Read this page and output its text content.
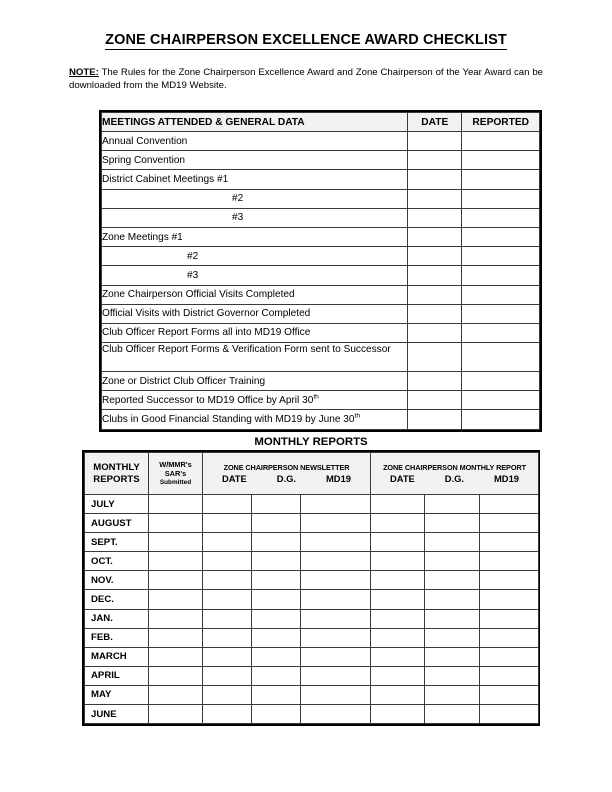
ZONE CHAIRPERSON EXCELLENCE AWARD CHECKLIST
NOTE: The Rules for the Zone Chairperson Excellence Award and Zone Chairperson of the Year Award can be downloaded from the MD19 Website.
MEETINGS ATTENDED & GENERAL DATA	DATE	REPORTED
Annual Convention		
Spring Convention		
District Cabinet Meetings #1		
#2		
#3		
Zone Meetings #1		
#2		
#3		
Zone Chairperson Official Visits Completed		
Official Visits with District Governor Completed		
Club Officer Report Forms all into MD19 Office		
Club Officer Report Forms & Verification Form sent to Successor		
Zone or District Club Officer Training		
Reported Successor to MD19 Office by April 30th		
Clubs in Good Financial Standing with MD19 by June 30th		
MONTHLY REPORTS
MONTHLY
REPORTS

W/MMR's
SAR's
Submitted

ZONE CHAIRPERSON NEWSLETTER
DATE	D.G.	MD19

ZONE CHAIRPERSON MONTHLY REPORT
DATE	D.G.	MD19

JULY							
AUGUST							
SEPT.							
OCT.							
NOV.							
DEC.							
JAN.							
FEB.							
MARCH							
APRIL							
MAY							
JUNE							
